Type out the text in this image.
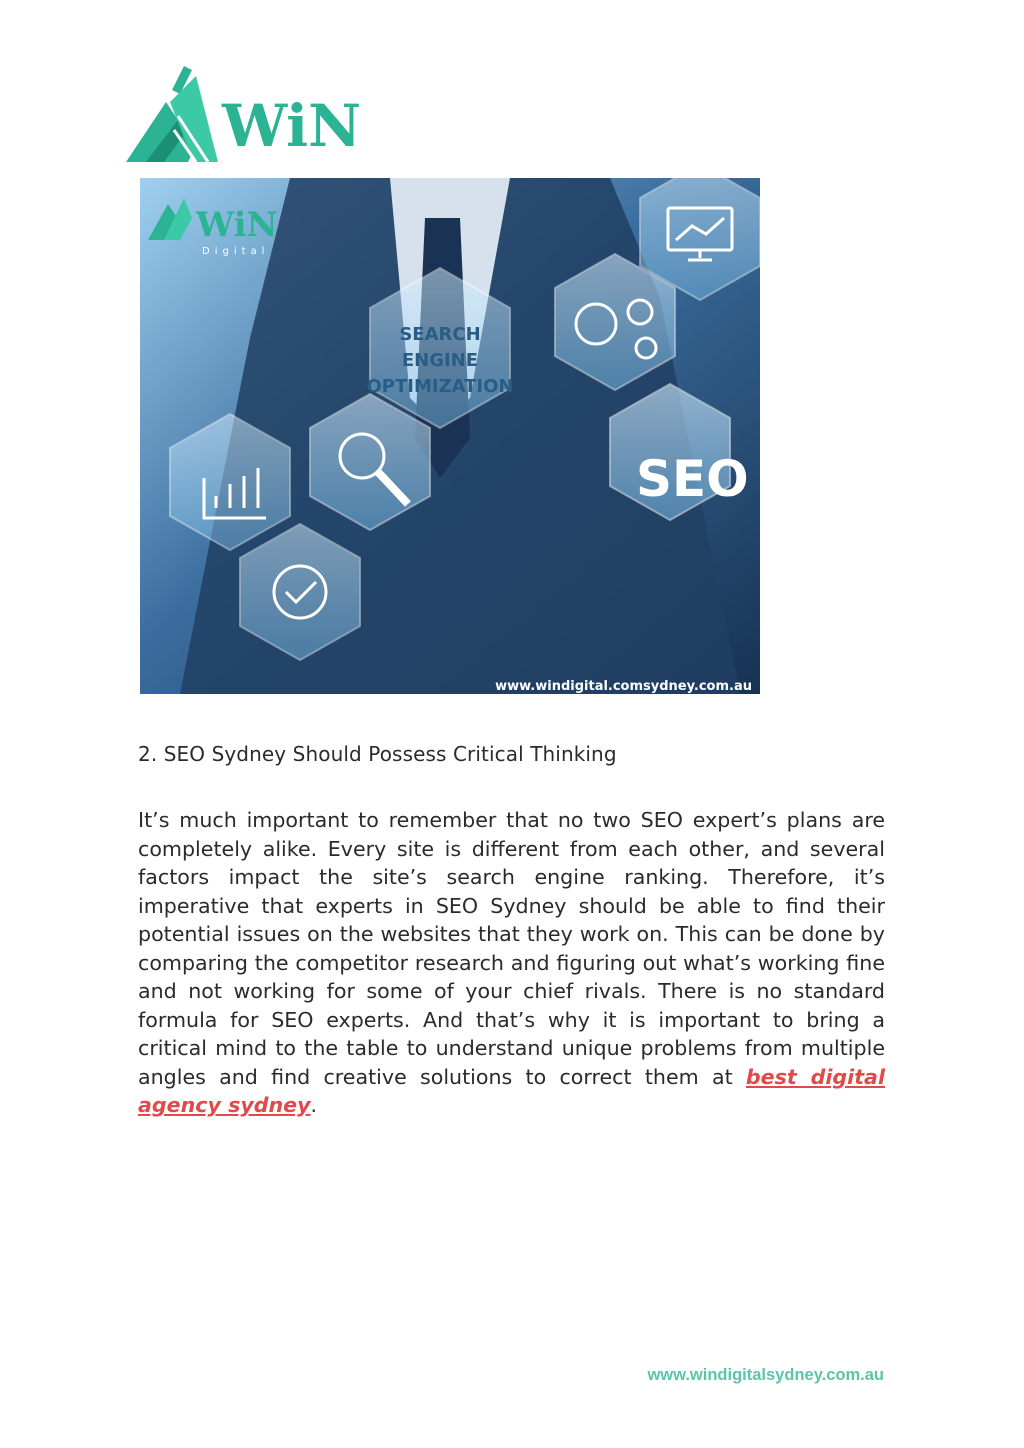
WiN
WiN
Digital
SEARCH
ENGINE
OPTIMIZATION
SEO
www.windigital.comsydney.com.au
2. SEO Sydney Should Possess Critical Thinking

It’s much important to remember that no two SEO expert’s plans are completely alike. Every site is different from each other, and several factors impact the site’s search engine ranking. Therefore, it’s imperative that experts in SEO Sydney should be able to find their potential issues on the websites that they work on. This can be done by comparing the competitor research and figuring out what’s working fine and not working for some of your chief rivals. There is no standard formula for SEO experts. And that’s why it is important to bring a critical mind to the table to understand unique problems from multiple angles and find creative solutions to correct them at best digital agency sydney.

www.windigitalsydney.com.au
